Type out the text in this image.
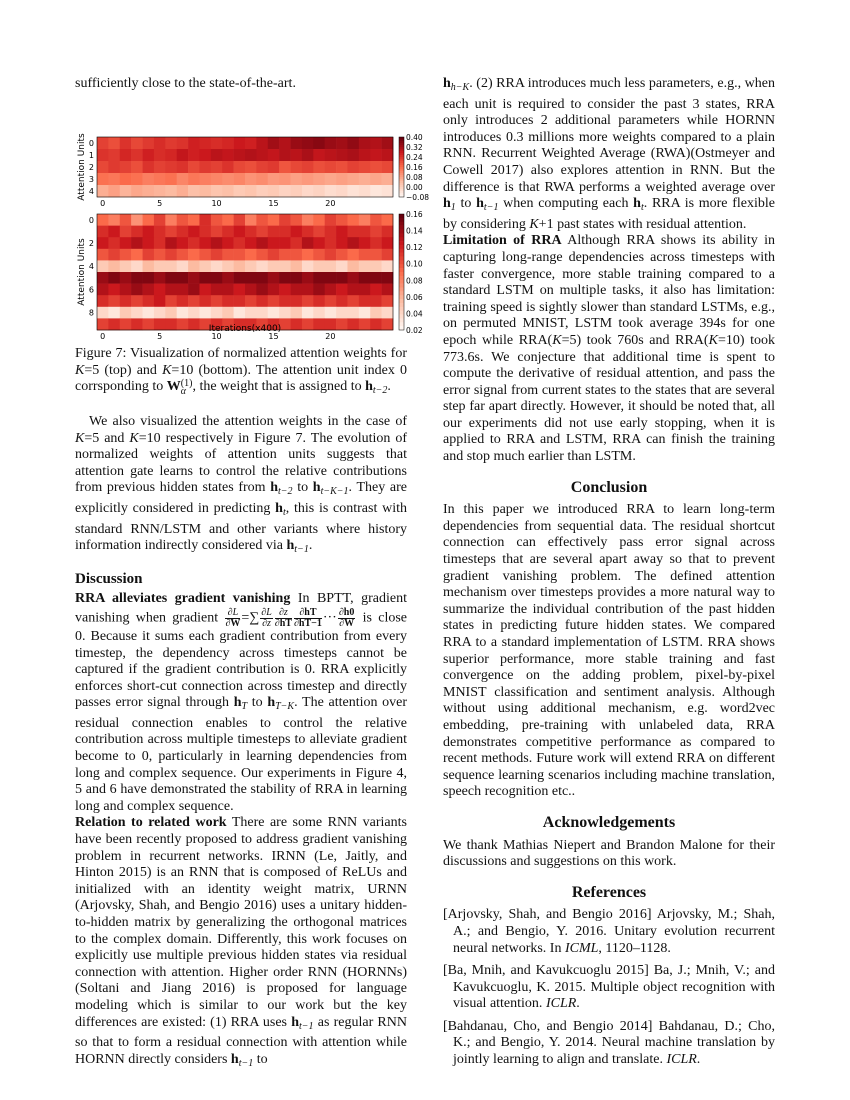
sufficiently close to the state-of-the-art.

0
1
2
3
4
0	5	10	15	20
0.40
0.32
0.24
0.16
0.08
0.00
−0.08
0
2
4
6
8
0	5	10	15	20
0.16
0.14
0.12
0.10
0.08
0.06
0.04
0.02
Attention Units
Attention Units
Iterations(x400)

Figure 7: Visualization of normalized attention weights for K=5 (top) and K=10 (bottom). The attention unit index 0 corrsponding to W (1)
α , the weight that is assigned to $h_{t-2}$.

We also visualized the attention weights in the case of K=5 and K=10 respectively in Figure 7. The evolution of normalized weights of attention units suggests that attention gate learns to control the relative contributions from previous hidden states from $h_{t-2}$ to $h_{t-K-1}$. They are explicitly considered in predicting $h_t$, this is contrast with standard RNN/LSTM and other variants where history information indirectly considered via $h_{t-1}$.

Discussion

RRA alleviates gradient vanishing In BPTT, gradient vanishing when gradient $\frac{\partial L}{\partial W}$ =∑ $\frac{\partial L}{\partial z} \frac{\partial z}{\partial hT} \frac{\partial hT}{\partial hT-1}$ ··· $\frac{\partial h0}{\partial W}$ is close 0. Because it sums each gradient contribution from every timestep, the dependency across timesteps cannot be captured if the gradient contribution is 0. RRA explicitly enforces short-cut connection across timestep and directly passes error signal through $h_T$ to $h_{T-K}$. The attention over residual connection enables to control the relative contribution across multiple timesteps to alleviate gradient become to 0, particularly in learning dependencies from long and complex sequence. Our experiments in Figure 4, 5 and 6 have demonstrated the stability of RRA in learning long and complex sequence.

Relation to related work There are some RNN variants have been recently proposed to address gradient vanishing problem in recurrent networks. IRNN (Le, Jaitly, and Hinton 2015) is an RNN that is composed of ReLUs and initialized with an identity weight matrix, URNN (Arjovsky, Shah, and Bengio 2016) uses a unitary hidden-to-hidden matrix by generalizing the orthogonal matrices to the complex domain. Differently, this work focuses on explicitly use multiple previous hidden states via residual connection with attention. Higher order RNN (HORNNs)(Soltani and Jiang 2016) is proposed for language modeling which is similar to our work but the key differences are existed: (1) RRA uses $h_{t-1}$ as regular RNN so that to form a residual connection with attention while HORNN directly considers $h_{t-1}$ to

$h_{h-K}$. (2) RRA introduces much less parameters, e.g., when each unit is required to consider the past 3 states, RRA only introduces 2 additional parameters while HORNN introduces 0.3 millions more weights compared to a plain RNN. Recurrent Weighted Average (RWA)(Ostmeyer and Cowell 2017) also explores attention in RNN. But the difference is that RWA performs a weighted average over $h_1$ to $h_{t-1}$ when computing each $h_t$. RRA is more flexible by considering K+1 past states with residual attention.

Limitation of RRA Although RRA shows its ability in capturing long-range dependencies across timesteps with faster convergence, more stable training compared to a standard LSTM on multiple tasks, it also has limitation: training speed is sightly slower than standard LSTMs, e.g., on permuted MNIST, LSTM took average 394s for one epoch while RRA(K=5) took 760s and RRA(K=10) took 773.6s. We conjecture that additional time is spent to compute the derivative of residual attention, and pass the error signal from current states to the states that are several step far apart directly. However, it should be noted that, all our experiments did not use early stopping, when it is applied to RRA and LSTM, RRA can finish the training and stop much earlier than LSTM.

Conclusion

In this paper we introduced RRA to learn long-term dependencies from sequential data. The residual shortcut connection can effectively pass error signal across timesteps that are several apart away so that to prevent gradient vanishing problem. The defined attention mechanism over timesteps provides a more natural way to summarize the individual contribution of the past hidden states in predicting future hidden states. We compared RRA to a standard implementation of LSTM. RRA shows superior performance, more stable training and fast convergence on the adding problem, pixel-by-pixel MNIST classification and sentiment analysis. Although without using additional mechanism, e.g. word2vec embedding, pre-training with unlabeled data, RRA demonstrates competitive performance as compared to recent methods. Future work will extend RRA on different sequence learning scenarios including machine translation, speech recognition etc..

Acknowledgements

We thank Mathias Niepert and Brandon Malone for their discussions and suggestions on this work.

References

[Arjovsky, Shah, and Bengio 2016] Arjovsky, M.; Shah, A.; and Bengio, Y. 2016. Unitary evolution recurrent neural networks. In ICML, 1120–1128.

[Ba, Mnih, and Kavukcuoglu 2015] Ba, J.; Mnih, V.; and Kavukcuoglu, K. 2015. Multiple object recognition with visual attention. ICLR.

[Bahdanau, Cho, and Bengio 2014] Bahdanau, D.; Cho, K.; and Bengio, Y. 2014. Neural machine translation by jointly learning to align and translate. ICLR.
